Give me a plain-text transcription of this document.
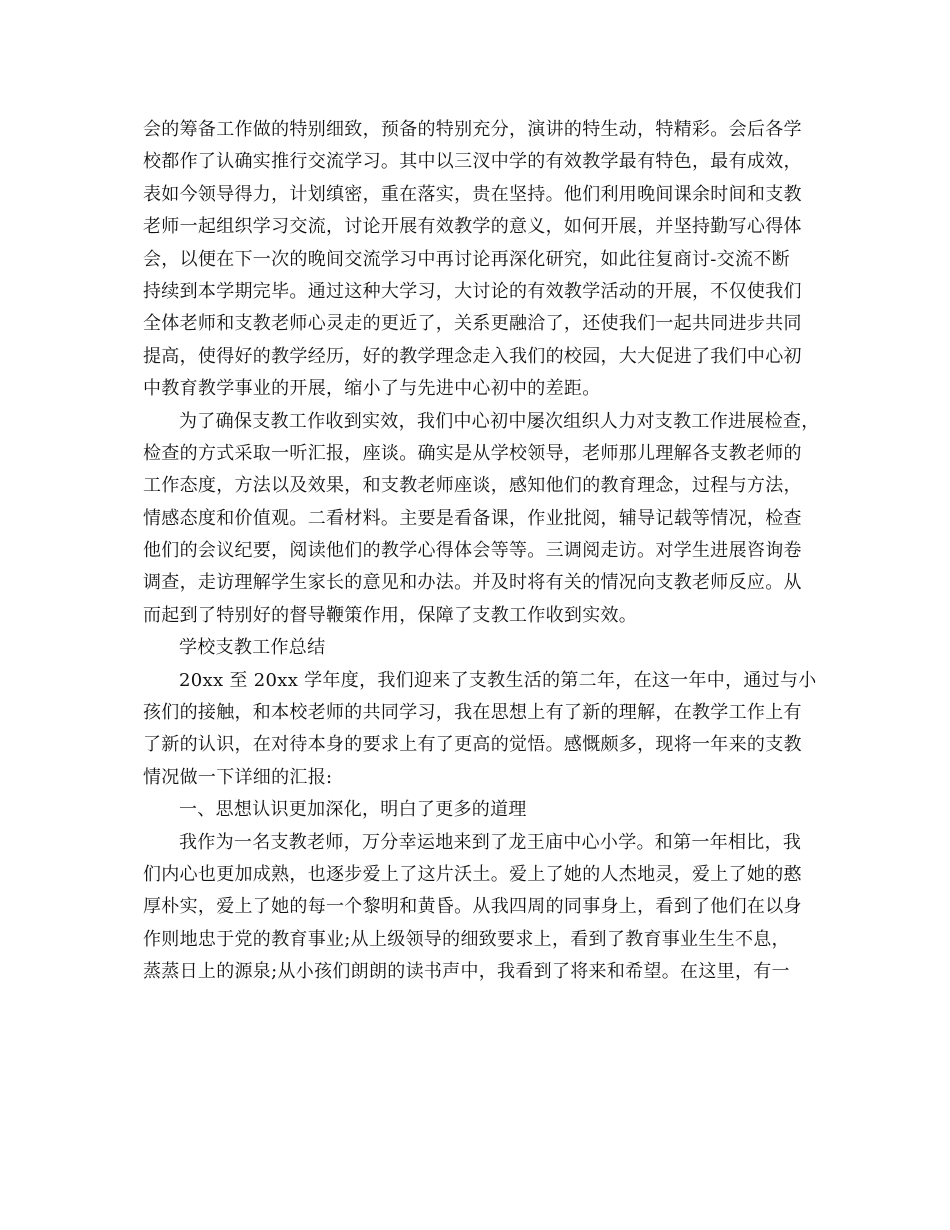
会的筹备工作做的特别细致，预备的特别充分，演讲的特生动，特精彩。会后各学
校都作了认确实推行交流学习。其中以三汊中学的有效教学最有特色，最有成效，
表如今领导得力，计划缜密，重在落实，贵在坚持。他们利用晚间课余时间和支教
老师一起组织学习交流，讨论开展有效教学的意义，如何开展，并坚持勤写心得体
会，以便在下一次的晚间交流学习中再讨论再深化研究，如此往复商讨-交流不断
持续到本学期完毕。通过这种大学习，大讨论的有效教学活动的开展，不仅使我们
全体老师和支教老师心灵走的更近了，关系更融洽了，还使我们一起共同进步共同
提高，使得好的教学经历，好的教学理念走入我们的校园，大大促进了我们中心初
中教育教学事业的开展，缩小了与先进中心初中的差距。
为了确保支教工作收到实效，我们中心初中屡次组织人力对支教工作进展检查，
检查的方式采取一听汇报，座谈。确实是从学校领导，老师那儿理解各支教老师的
工作态度，方法以及效果，和支教老师座谈，感知他们的教育理念，过程与方法，
情感态度和价值观。二看材料。主要是看备课，作业批阅，辅导记载等情况，检查
他们的会议纪要，阅读他们的教学心得体会等等。三调阅走访。对学生进展咨询卷
调查，走访理解学生家长的意见和办法。并及时将有关的情况向支教老师反应。从
而起到了特别好的督导鞭策作用，保障了支教工作收到实效。
学校支教工作总结
20xx 至 20xx 学年度，我们迎来了支教生活的第二年，在这一年中，通过与小
孩们的接触，和本校老师的共同学习，我在思想上有了新的理解，在教学工作上有
了新的认识，在对待本身的要求上有了更高的觉悟。感慨颇多，现将一年来的支教
情况做一下详细的汇报:
一、思想认识更加深化，明白了更多的道理
我作为一名支教老师，万分幸运地来到了龙王庙中心小学。和第一年相比，我
们内心也更加成熟，也逐步爱上了这片沃土。爱上了她的人杰地灵，爱上了她的憨
厚朴实，爱上了她的每一个黎明和黄昏。从我四周的同事身上，看到了他们在以身
作则地忠于党的教育事业;从上级领导的细致要求上，看到了教育事业生生不息，
蒸蒸日上的源泉;从小孩们朗朗的读书声中，我看到了将来和希望。在这里，有一
